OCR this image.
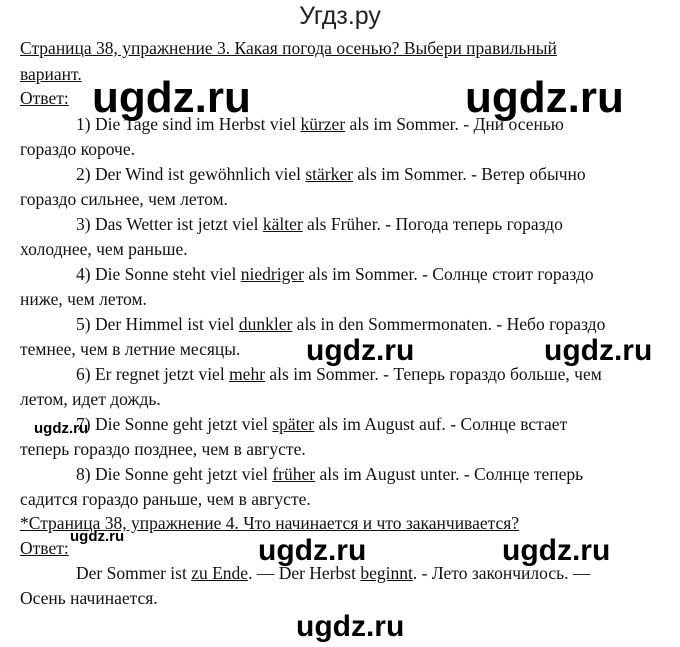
Угдз.ру
Страница 38, упражнение 3. Какая погода осенью? Выбери правильный
вариант.
Ответ:
1) Die Tage sind im Herbst viel kürzer als im Sommer. - Дни осенью
гораздо короче.
2) Der Wind ist gewöhnlich viel stärker als im Sommer. - Ветер обычно
гораздо сильнее, чем летом.
3) Das Wetter ist jetzt viel kälter als Früher. - Погода теперь гораздо
холоднее, чем раньше.
4) Die Sonne steht viel niedriger als im Sommer. - Солнце стоит гораздо
ниже, чем летом.
5) Der Himmel ist viel dunkler als in den Sommermonaten. - Небо гораздо
темнее, чем в летние месяцы.
6) Er regnet jetzt viel mehr als im Sommer. - Теперь гораздо больше, чем
летом, идет дождь.
7) Die Sonne geht jetzt viel später als im August auf. - Солнце встает
теперь гораздо позднее, чем в августе.
8) Die Sonne geht jetzt viel früher als im August unter. - Солнце теперь
садится гораздо раньше, чем в августе.
*Страница 38, упражнение 4. Что начинается и что заканчивается?
Ответ:
Der Sommer ist zu Ende. — Der Herbst beginnt. - Лето закончилось. —
Осень начинается.
ugdz.ru	ugdz.ru
ugdz.ru	ugdz.ru
ugdz.ru
ugdz.ru	ugdz.ru	ugdz.ru
ugdz.ru
